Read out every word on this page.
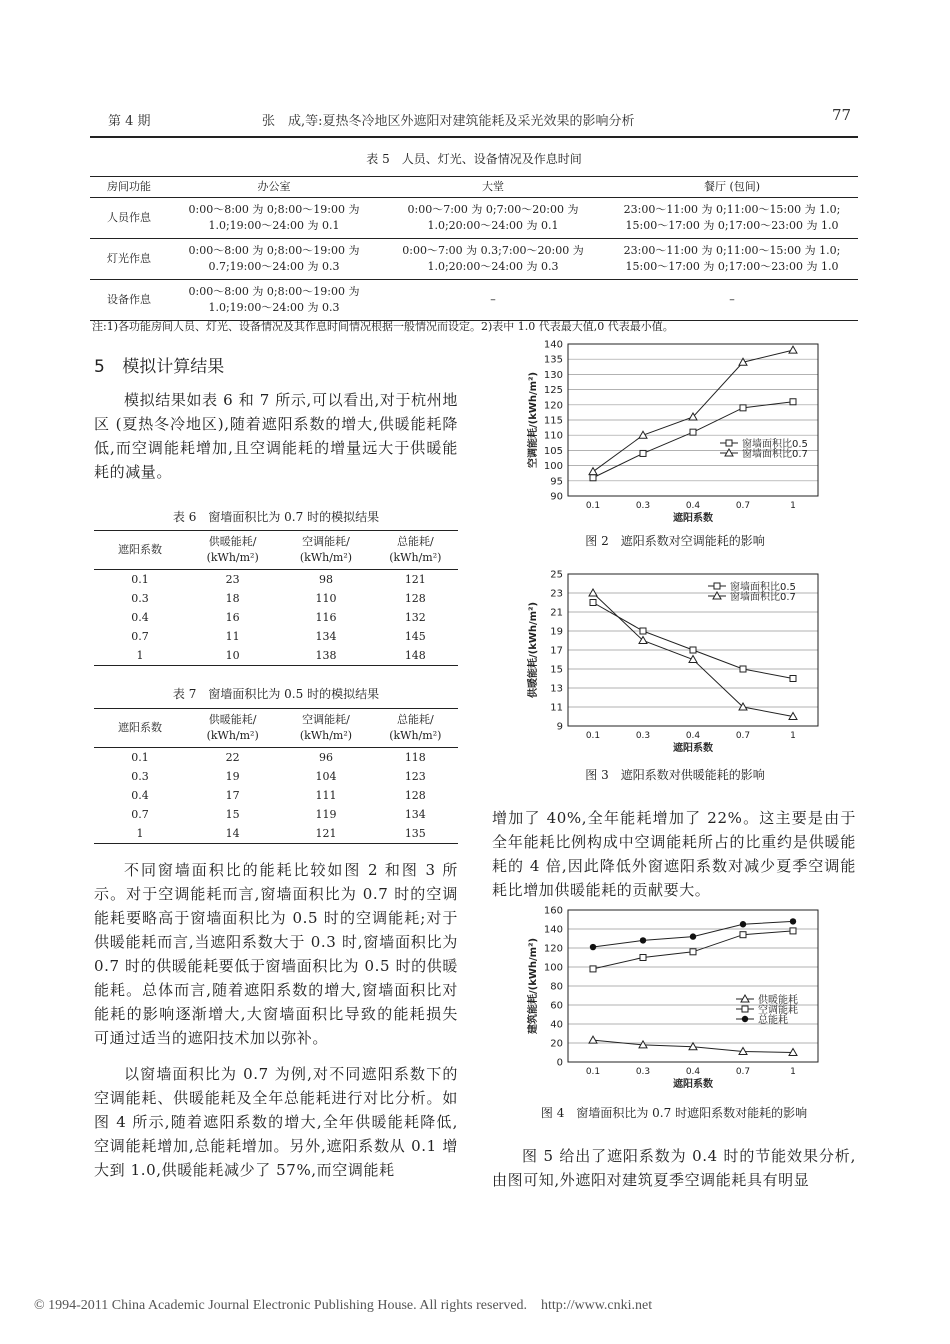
第 4 期	张　成,等:夏热冬冷地区外遮阳对建筑能耗及采光效果的影响分析	77
表 5　人员、灯光、设备情况及作息时间
房间功能	办公室	大堂	餐厅 (包间)
人员作息	0:00～8:00 为 0;8:00～19:00 为 1.0;19:00～24:00 为 0.1	0:00～7:00 为 0;7:00～20:00 为 1.0;20:00～24:00 为 0.1	23:00～11:00 为 0;11:00～15:00 为 1.0; 15:00～17:00 为 0;17:00～23:00 为 1.0
灯光作息	0:00～8:00 为 0;8:00～19:00 为 0.7;19:00～24:00 为 0.3	0:00～7:00 为 0.3;7:00～20:00 为 1.0;20:00～24:00 为 0.3	23:00～11:00 为 0;11:00～15:00 为 1.0; 15:00～17:00 为 0;17:00～23:00 为 1.0
设备作息	0:00～8:00 为 0;8:00～19:00 为 1.0;19:00～24:00 为 0.3	–	–
注:1)各功能房间人员、灯光、设备情况及其作息时间情况根据一般情况而设定。2)表中 1.0 代表最大值,0 代表最小值。
5 模拟计算结果
模拟结果如表 6 和 7 所示,可以看出,对于杭州地区 (夏热冬冷地区),随着遮阳系数的增大,供暖能耗降低,而空调能耗增加,且空调能耗的增量远大于供暖能耗的减量。
表 6　窗墙面积比为 0.7 时的模拟结果
遮阳系数	供暖能耗/ (kWh/m²)	空调能耗/ (kWh/m²)	总能耗/ (kWh/m²)
0.1	23	98	121
0.3	18	110	128
0.4	16	116	132
0.7	11	134	145
1	10	138	148
表 7　窗墙面积比为 0.5 时的模拟结果
遮阳系数	供暖能耗/ (kWh/m²)	空调能耗/ (kWh/m²)	总能耗/ (kWh/m²)
0.1	22	96	118
0.3	19	104	123
0.4	17	111	128
0.7	15	119	134
1	14	121	135
不同窗墙面积比的能耗比较如图 2 和图 3 所示。对于空调能耗而言,窗墙面积比为 0.7 时的空调能耗要略高于窗墙面积比为 0.5 时的空调能耗;对于供暖能耗而言,当遮阳系数大于 0.3 时,窗墙面积比为 0.7 时的供暖能耗要低于窗墙面积比为 0.5 时的供暖能耗。总体而言,随着遮阳系数的增大,窗墙面积比对能耗的影响逐渐增大,大窗墙面积比导致的能耗损失可通过适当的遮阳技术加以弥补。
以窗墙面积比为 0.7 为例,对不同遮阳系数下的空调能耗、供暖能耗及全年总能耗进行对比分析。如图 4 所示,随着遮阳系数的增大,全年供暖能耗降低,空调能耗增加,总能耗增加。另外,遮阳系数从 0.1 增大到 1.0,供暖能耗减少了 57%,而空调能耗
90
95
100
105
110
115
120
125
130
135
140
0.1	0.3	0.4	0.7	1
遮阳系数
空调能耗/(kWh/m²)	窗墙面积比0.5
窗墙面积比0.7
图 2　遮阳系数对空调能耗的影响
9
11
13
15
17
19
21
23
25
0.1	0.3	0.4	0.7	1
遮阳系数
供暖能耗/(kWh/m²)
窗墙面积比0.5
窗墙面积比0.7
图 3　遮阳系数对供暖能耗的影响
增加了 40%,全年能耗增加了 22%。这主要是由于全年能耗比例构成中空调能耗所占的比重约是供暖能耗的 4 倍,因此降低外窗遮阳系数对减少夏季空调能耗比增加供暖能耗的贡献要大。
0
20
40
60
80
100
120
140
160
0.1	0.3	0.4	0.7	1
遮阳系数
建筑能耗/(kWh/m²)	供暖能耗
空调能耗
总能耗
图 4　窗墙面积比为 0.7 时遮阳系数对能耗的影响
图 5 给出了遮阳系数为 0.4 时的节能效果分析,由图可知,外遮阳对建筑夏季空调能耗具有明显
© 1994-2011 China Academic Journal Electronic Publishing House. All rights reserved.    http://www.cnki.net
